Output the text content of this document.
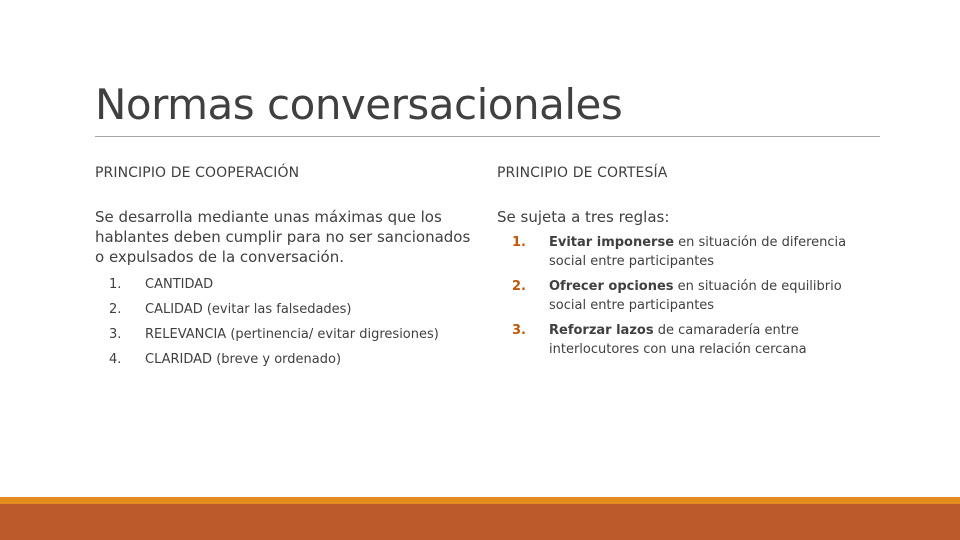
Normas conversacionales
PRINCIPIO DE COOPERACIÓN	PRINCIPIO DE CORTESÍA
Se desarrolla mediante unas máximas que los hablantes deben cumplir para no ser sancionados o expulsados de la conversación.
1.	CANTIDAD
2.	CALIDAD (evitar las falsedades)
3.	RELEVANCIA (pertinencia/ evitar digresiones)
4.	CLARIDAD (breve y ordenado)
Se sujeta a tres reglas:
1.	Evitar imponerse en situación de diferencia social entre participantes
2.	Ofrecer opciones en situación de equilibrio social entre participantes
3.	Reforzar lazos de camaradería entre interlocutores con una relación cercana
